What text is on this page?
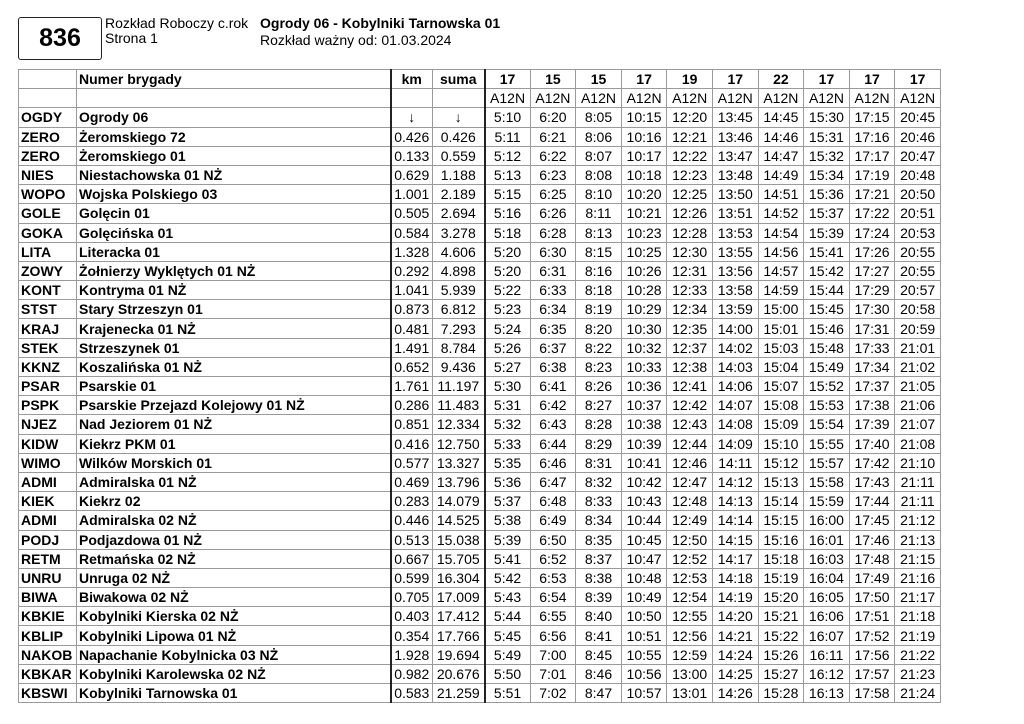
836
Rozkład Roboczy c.rok
Strona 1
Ogrody 06 - Kobylniki Tarnowska 01
Rozkład ważny od: 01.03.2024
	Numer brygady	km	suma	17	15	15	17	19	17	22	17	17	17
				A12N	A12N	A12N	A12N	A12N	A12N	A12N	A12N	A12N	A12N
OGDY	Ogrody 06	↓	↓	5:10	6:20	8:05	10:15	12:20	13:45	14:45	15:30	17:15	20:45
ZERO	Żeromskiego 72	0.426	0.426	5:11	6:21	8:06	10:16	12:21	13:46	14:46	15:31	17:16	20:46
ZERO	Żeromskiego 01	0.133	0.559	5:12	6:22	8:07	10:17	12:22	13:47	14:47	15:32	17:17	20:47
NIES	Niestachowska 01 NŻ	0.629	1.188	5:13	6:23	8:08	10:18	12:23	13:48	14:49	15:34	17:19	20:48
WOPO	Wojska Polskiego 03	1.001	2.189	5:15	6:25	8:10	10:20	12:25	13:50	14:51	15:36	17:21	20:50
GOLE	Golęcin 01	0.505	2.694	5:16	6:26	8:11	10:21	12:26	13:51	14:52	15:37	17:22	20:51
GOKA	Golęcińska 01	0.584	3.278	5:18	6:28	8:13	10:23	12:28	13:53	14:54	15:39	17:24	20:53
LITA	Literacka 01	1.328	4.606	5:20	6:30	8:15	10:25	12:30	13:55	14:56	15:41	17:26	20:55
ZOWY	Żołnierzy Wyklętych 01 NŻ	0.292	4.898	5:20	6:31	8:16	10:26	12:31	13:56	14:57	15:42	17:27	20:55
KONT	Kontryma 01 NŻ	1.041	5.939	5:22	6:33	8:18	10:28	12:33	13:58	14:59	15:44	17:29	20:57
STST	Stary Strzeszyn 01	0.873	6.812	5:23	6:34	8:19	10:29	12:34	13:59	15:00	15:45	17:30	20:58
KRAJ	Krajenecka 01 NŻ	0.481	7.293	5:24	6:35	8:20	10:30	12:35	14:00	15:01	15:46	17:31	20:59
STEK	Strzeszynek 01	1.491	8.784	5:26	6:37	8:22	10:32	12:37	14:02	15:03	15:48	17:33	21:01
KKNZ	Koszalińska 01 NŻ	0.652	9.436	5:27	6:38	8:23	10:33	12:38	14:03	15:04	15:49	17:34	21:02
PSAR	Psarskie 01	1.761	11.197	5:30	6:41	8:26	10:36	12:41	14:06	15:07	15:52	17:37	21:05
PSPK	Psarskie Przejazd Kolejowy 01 NŻ	0.286	11.483	5:31	6:42	8:27	10:37	12:42	14:07	15:08	15:53	17:38	21:06
NJEZ	Nad Jeziorem 01 NŻ	0.851	12.334	5:32	6:43	8:28	10:38	12:43	14:08	15:09	15:54	17:39	21:07
KIDW	Kiekrz PKM 01	0.416	12.750	5:33	6:44	8:29	10:39	12:44	14:09	15:10	15:55	17:40	21:08
WIMO	Wilków Morskich 01	0.577	13.327	5:35	6:46	8:31	10:41	12:46	14:11	15:12	15:57	17:42	21:10
ADMI	Admiralska 01 NŻ	0.469	13.796	5:36	6:47	8:32	10:42	12:47	14:12	15:13	15:58	17:43	21:11
KIEK	Kiekrz 02	0.283	14.079	5:37	6:48	8:33	10:43	12:48	14:13	15:14	15:59	17:44	21:11
ADMI	Admiralska 02 NŻ	0.446	14.525	5:38	6:49	8:34	10:44	12:49	14:14	15:15	16:00	17:45	21:12
PODJ	Podjazdowa 01 NŻ	0.513	15.038	5:39	6:50	8:35	10:45	12:50	14:15	15:16	16:01	17:46	21:13
RETM	Retmańska 02 NŻ	0.667	15.705	5:41	6:52	8:37	10:47	12:52	14:17	15:18	16:03	17:48	21:15
UNRU	Unruga 02 NŻ	0.599	16.304	5:42	6:53	8:38	10:48	12:53	14:18	15:19	16:04	17:49	21:16
BIWA	Biwakowa 02 NŻ	0.705	17.009	5:43	6:54	8:39	10:49	12:54	14:19	15:20	16:05	17:50	21:17
KBKIE	Kobylniki Kierska 02 NŻ	0.403	17.412	5:44	6:55	8:40	10:50	12:55	14:20	15:21	16:06	17:51	21:18
KBLIP	Kobylniki Lipowa 01 NŻ	0.354	17.766	5:45	6:56	8:41	10:51	12:56	14:21	15:22	16:07	17:52	21:19
NAKOB	Napachanie Kobylnicka 03 NŻ	1.928	19.694	5:49	7:00	8:45	10:55	12:59	14:24	15:26	16:11	17:56	21:22
KBKAR	Kobylniki Karolewska 02 NŻ	0.982	20.676	5:50	7:01	8:46	10:56	13:00	14:25	15:27	16:12	17:57	21:23
KBSWI	Kobylniki Tarnowska 01	0.583	21.259	5:51	7:02	8:47	10:57	13:01	14:26	15:28	16:13	17:58	21:24
